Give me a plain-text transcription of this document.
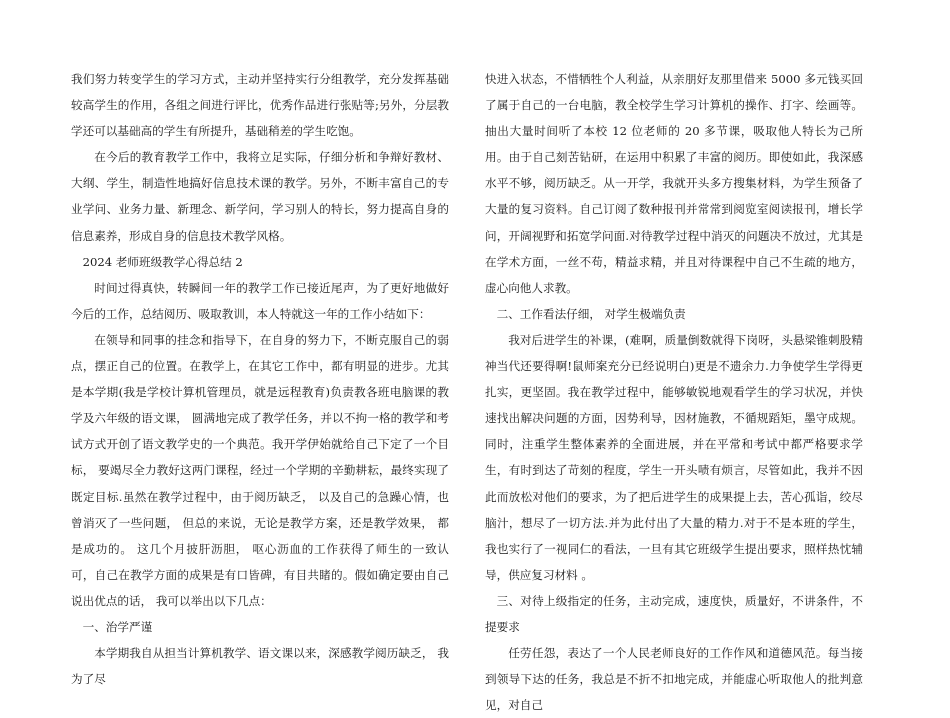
我们努力转变学生的学习方式，主动并坚持实行分组教学，充分发挥基础较高学生的作用，各组之间进行评比，优秀作品进行张贴等;另外，分层教学还可以基础高的学生有所提升，基础稍差的学生吃饱。

在今后的教育教学工作中，我将立足实际，仔细分析和争辩好教材、大纲、学生，制造性地搞好信息技术课的教学。另外，不断丰富自己的专业学问、业务力量、新理念、新学问，学习别人的特长，努力提高自身的信息素养，形成自身的信息技术教学风格。

2024 老师班级教学心得总结 2

时间过得真快，转瞬间一年的教学工作已接近尾声，为了更好地做好今后的工作，总结阅历、吸取教训，本人特就这一年的工作小结如下：

在领导和同事的挂念和指导下，在自身的努力下，不断克服自己的弱点，摆正自己的位置。在教学上，在其它工作中，都有明显的进步。尤其是本学期(我是学校计算机管理员，就是远程教育)负责教各班电脑课的教学及六年级的语文课， 圆满地完成了教学任务，并以不拘一格的教学和考试方式开创了语文教学史的一个典范。我开学伊始就给自己下定了一个目标， 要竭尽全力教好这两门课程，经过一个学期的辛勤耕耘，最终实现了既定目标.虽然在教学过程中，由于阅历缺乏， 以及自己的急躁心情，也曾消灭了一些问题， 但总的来说，无论是教学方案，还是教学效果， 都是成功的。 这几个月披肝沥胆， 呕心沥血的工作获得了师生的一致认可，自己在教学方面的成果是有口皆碑，有目共睹的。假如确定要由自己说出优点的话， 我可以举出以下几点：

一、治学严谨

本学期我自从担当计算机教学、语文课以来，深感教学阅历缺乏， 我为了尽

快进入状态，不惜牺牲个人利益，从亲朋好友那里借来 5000 多元钱买回了属于自己的一台电脑，教全校学生学习计算机的操作、打字、绘画等。抽出大量时间听了本校 12 位老师的 20 多节课，吸取他人特长为己所用。由于自己刻苦钻研，在运用中积累了丰富的阅历。即使如此，我深感水平不够，阅历缺乏。从一开学，我就开头多方搜集材料，为学生预备了大量的复习资料。自己订阅了数种报刊并常常到阅览室阅读报刊，增长学问，开阔视野和拓宽学问面.对待教学过程中消灭的问题决不放过，尤其是在学术方面，一丝不苟，精益求精，并且对待课程中自己不生疏的地方，虚心向他人求教。

二、工作看法仔细， 对学生极端负责

我对后进学生的补课，(难啊，质量倒数就得下岗呀，头悬梁锥刺股精神当代还要得啊!鼠师案充分已经说明白)更是不遗余力.力争使学生学得更扎实，更坚固。我在教学过程中，能够敏锐地观看学生的学习状况，并快速找出解决问题的方面，因势利导，因材施教，不循规蹈矩，墨守成规。同时，注重学生整体素养的全面进展，并在平常和考试中都严格要求学生，有时到达了苛刻的程度，学生一开头啧有烦言，尽管如此，我并不因此而放松对他们的要求，为了把后进学生的成果提上去，苦心孤诣，绞尽脑汁，想尽了一切方法.并为此付出了大量的精力.对于不是本班的学生，我也实行了一视同仁的看法，一旦有其它班级学生提出要求，照样热忱辅导，供应复习材料 。

三、对待上级指定的任务，主动完成，速度快，质量好，不讲条件，不提要求

任劳任怨，表达了一个人民老师良好的工作作风和道德风范。每当接到领导下达的任务，我总是不折不扣地完成，并能虚心听取他人的批判意见，对自己
